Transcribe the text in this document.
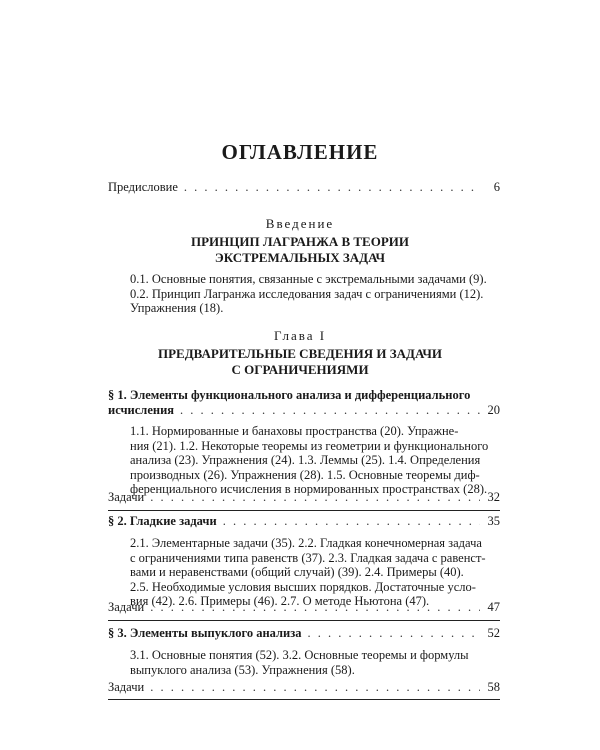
ОГЛАВЛЕНИЕ
Предисловие . . .	6
Введение
ПРИНЦИП ЛАГРАНЖА В ТЕОРИИ
ЭКСТРЕМАЛЬНЫХ ЗАДАЧ
0.1. Основные понятия, связанные с экстремальными задачами (9).
0.2. Принцип Лагранжа исследования задач с ограничениями (12).
Упражнения (18).
Глава I
ПРЕДВАРИТЕЛЬНЫЕ СВЕДЕНИЯ И ЗАДАЧИ
С ОГРАНИЧЕНИЯМИ
§ 1. Элементы функционального анализа и дифференциального
исчисления . . .	20
1.1. Нормированные и банаховы пространства (20). Упражне-
ния (21). 1.2. Некоторые теоремы из геометрии и функционального
анализа (23). Упражнения (24). 1.3. Леммы (25). 1.4. Определения
производных (26). Упражнения (28). 1.5. Основные теоремы диф-
ференциального исчисления в нормированных пространствах (28).
Задачи . . .	32
§ 2. Гладкие задачи . . .	35
2.1. Элементарные задачи (35). 2.2. Гладкая конечномерная задача
с ограничениями типа равенств (37). 2.3. Гладкая задача с равенст-
вами и неравенствами (общий случай) (39). 2.4. Примеры (40).
2.5. Необходимые условия высших порядков. Достаточные усло-
вия (42). 2.6. Примеры (46). 2.7. О методе Ньютона (47).
Задачи . . .	47
§ 3. Элементы выпуклого анализа . . .	52
3.1. Основные понятия (52). 3.2. Основные теоремы и формулы
выпуклого анализа (53). Упражнения (58).
Задачи . . .	58
